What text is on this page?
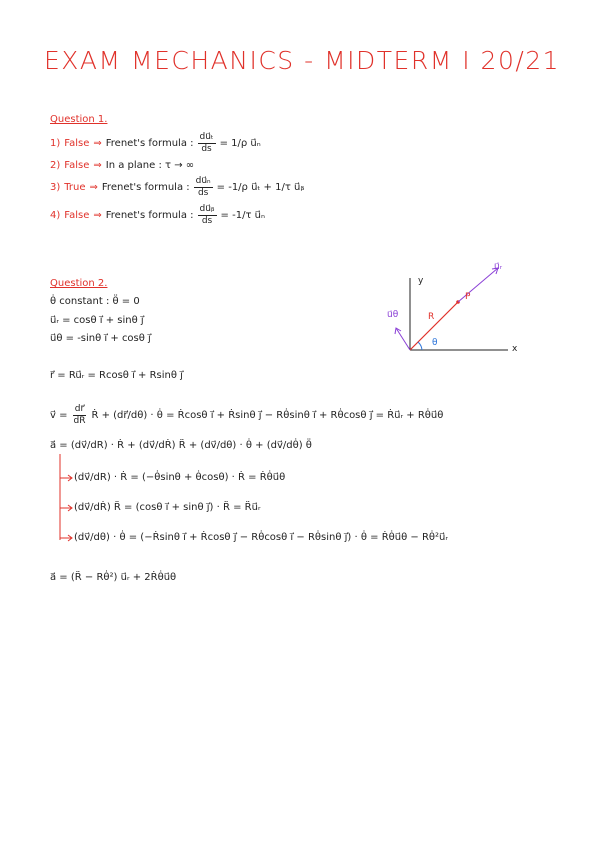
EXAM MECHANICS - MIDTERM I 20/21
Question 1.
1) False ⇒ Frenet's formula : $\frac{\text{du⃗ₜ}}{ds} = 1/\rho$ u⃗ₙ
2) False ⇒ In a plane : τ → ∞
3) True ⇒ Frenet's formula : $\frac{\text{du⃗ₙ}}{ds} = -1/\rho$ u⃗ₜ + 1/τ u⃗ᵦ
4) False ⇒ Frenet's formula : $\frac{\text{du⃗ᵦ}}{ds} = -1/\tau$ u⃗ₙ
Question 2.
θ̇ constant : θ̈ = 0
u⃗ᵣ = cosθ i⃗ + sinθ j⃗
u⃗θ = -sinθ i⃗ + cosθ j⃗
r⃗ = Ru⃗ᵣ = Rcosθ i⃗ + Rsinθ j⃗
v⃗ = $\frac{dr⃗}{dR}$ Ṙ + (dr⃗/dθ) · θ̇ = Ṙcosθ i⃗ + Ṙsinθ j⃗ − Rθ̇sinθ i⃗ + Rθ̇cosθ j⃗ = Ṙu⃗ᵣ + Rθ̇u⃗θ
a⃗ = (dv⃗/dR) · Ṙ + (dv⃗/dṘ) R̈ + (dv⃗/dθ) · θ̇ + (dv⃗/dθ̇) θ̈
(dv⃗/dR) · Ṙ = (−θ̇sinθ + θ̇cosθ) · Ṙ = Ṙθ̇u⃗θ
(dv⃗/dṘ) R̈ = (cosθ i⃗ + sinθ j⃗) · R̈ = R̈u⃗ᵣ
(dv⃗/dθ) · θ̇ = (−Ṙsinθ i⃗ + Ṙcosθ j⃗ − Rθ̇cosθ i⃗ − Rθ̇sinθ j⃗) · θ̇ = Ṙθ̇u⃗θ − Rθ̇²u⃗ᵣ
a⃗ = (R̈ − Rθ̇²) u⃗ᵣ + 2Ṙθ̇u⃗θ
y
x
u⃗ᵣ
u⃗θ	R
P
θ
